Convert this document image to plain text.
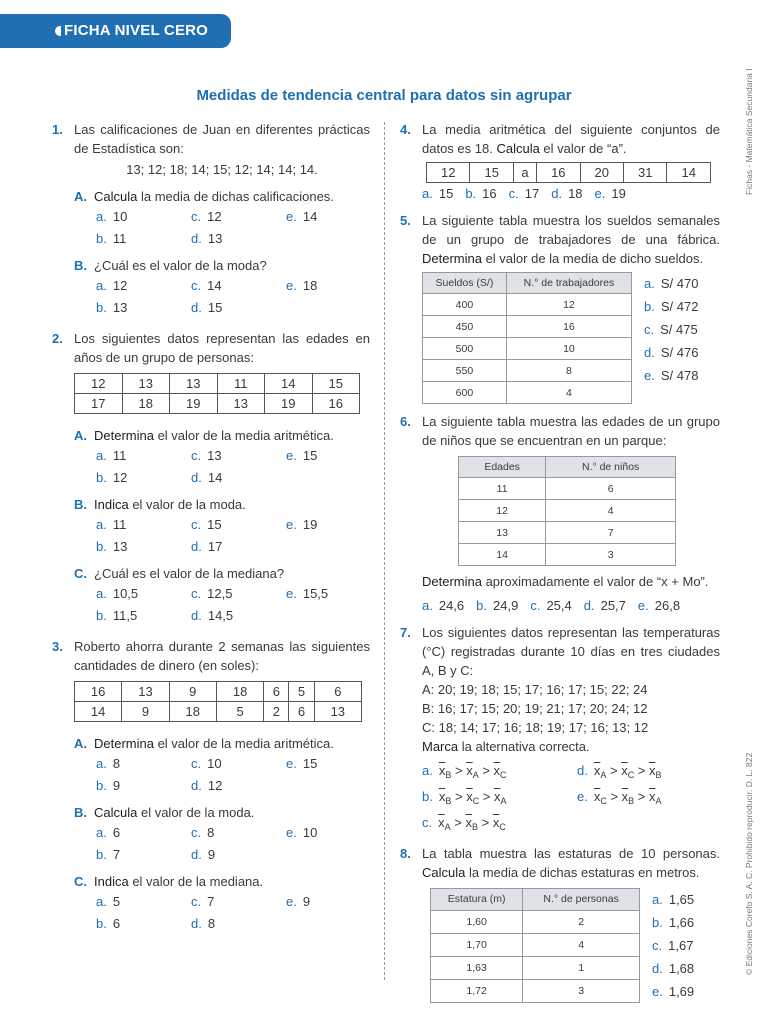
FICHA NIVEL CERO
Fichas - Matemática Secundaria I
© Ediciones Corefo S. A. C. Prohibido reproducir. D. L. 822
Medidas de tendencia central para datos sin agrupar
1. Las calificaciones de Juan en diferentes prácticas de Estadística son:
13; 12; 18; 14; 15; 12; 14; 14; 14.
A. Calcula la media de dichas calificaciones.
a. 10	c. 12	e. 14
b. 11	d. 13
B. ¿Cuál es el valor de la moda?
a. 12	c. 14	e. 18
b. 13	d. 15
2. Los siguientes datos representan las edades en años de un grupo de personas:
12	13	13	11	14	15
17	18	19	13	19	16
A. Determina el valor de la media aritmética.
a. 11	c. 13	e. 15
b. 12	d. 14
B. Indica el valor de la moda.
a. 11	c. 15	e. 19
b. 13	d. 17
C. ¿Cuál es el valor de la mediana?
a. 10,5	c. 12,5	e. 15,5
b. 11,5	d. 14,5
3. Roberto ahorra durante 2 semanas las siguientes cantidades de dinero (en soles):
16	13	9	18	6	5	6
14	9	18	5	2	6	13
A. Determina el valor de la media aritmética.
a. 8	c. 10	e. 15
b. 9	d. 12
B. Calcula el valor de la moda.
a. 6	c. 8	e. 10
b. 7	d. 9
C. Indica el valor de la mediana.
a. 5	c. 7	e. 9
b. 6	d. 8
4. La media aritmética del siguiente conjuntos de datos es 18. Calcula el valor de “a”.
12	15	a	16	20	31	14
a. 15 b. 16 c. 17 d. 18 e. 19
5. La siguiente tabla muestra los sueldos semanales de un grupo de trabajadores de una fábrica. Determina el valor de la media de dicho sueldos.
Sueldos (S/)	N.° de trabajadores
400	12
450	16
500	10
550	8
600	4
a. S/ 470
b. S/ 472
c. S/ 475
d. S/ 476
e. S/ 478
6. La siguiente tabla muestra las edades de un grupo de niños que se encuentran en un parque:
Edades	N.° de niños
11	6
12	4
13	7
14	3
Determina aproximadamente el valor de “x + Mo”.
a. 24,6 b. 24,9 c. 25,4 d. 25,7 e. 26,8
7. Los siguientes datos representan las temperaturas (°C) registradas durante 10 días en tres ciudades A, B y C:
A: 20; 19; 18; 15; 17; 16; 17; 15; 22; 24
B: 16; 17; 15; 20; 19; 21; 17; 20; 24; 12
C: 18; 14; 17; 16; 18; 19; 17; 16; 13; 12
Marca la alternativa correcta.
a. $\overline{x}_B > \overline{x}_A > \overline{x}_C$	d. $\overline{x}_A > \overline{x}_C > \overline{x}_B$
b. $\overline{x}_B > \overline{x}_C > \overline{x}_A$	e. $\overline{x}_C > \overline{x}_B > \overline{x}_A$
c. $\overline{x}_A > \overline{x}_B > \overline{x}_C$
8. La tabla muestra las estaturas de 10 personas. Calcula la media de dichas estaturas en metros.
Estatura (m)	N.° de personas
1,60	2
1,70	4
1,63	1
1,72	3
a. 1,65
b. 1,66
c. 1,67
d. 1,68
e. 1,69
